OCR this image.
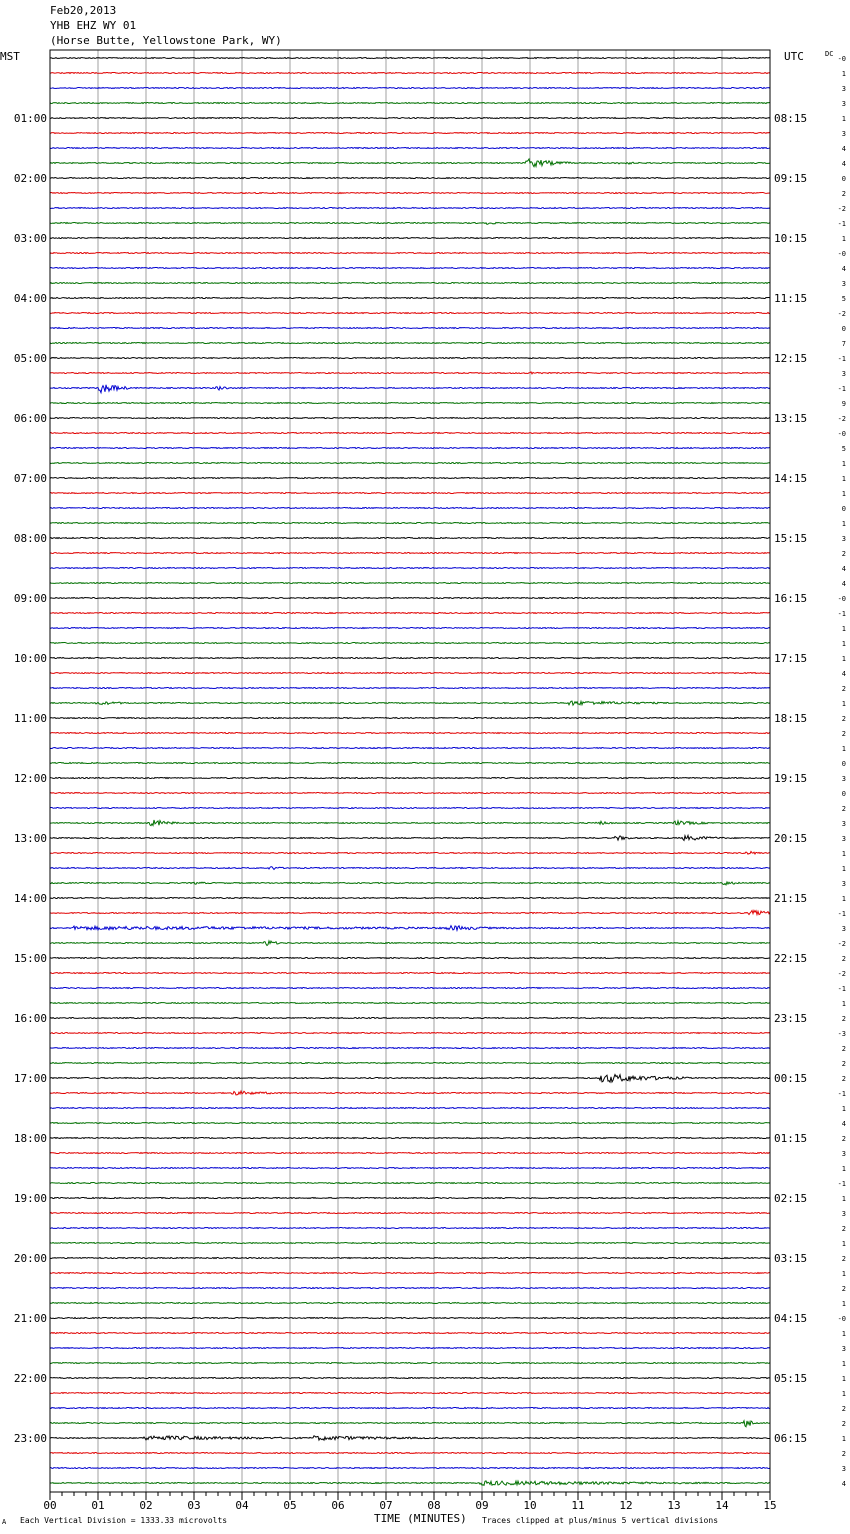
Feb20,2013
YHB EHZ WY 01
(Horse Butte, Yellowstone Park, WY)
00	01	02	03	04	05	06	07	08	09	10	11	12	13	14	15
01:00
02:00
03:00
04:00
05:00
06:00
07:00
08:00
09:00
10:00
11:00
12:00
13:00
14:00
15:00
16:00
17:00
18:00
19:00
20:00
21:00
22:00
23:00
08:15
09:15
10:15
11:15
12:15
13:15
14:15
15:15
16:15
17:15
18:15
19:15
20:15
21:15
22:15
23:15
00:15
01:15
02:15
03:15
04:15
05:15
06:15
-0
1
3
3
1
3
4
4
0
2
-2
-1
1
-0
4
3
5
-2
0
7
-1
3
-1
9
-2
-0
5
1
1
1
0
1
3
2
4
4
-0
-1
1
1
1
4
2
1
2
2
1
0
3
0
2
3
3
1
1
3
1
-1
3
-2
2
-2
-1
1
2
-3
2
2
2
-1
1
4
2
3
1
-1
1
3
2
1
2
1
2
1
-0
1
3
1
1
1
2
2
1
2
3
4
MST	UTC	DC
TIME (MINUTES)
A Each Vertical Division = 1333.33 microvolts	Traces clipped at plus/minus 5 vertical divisions
